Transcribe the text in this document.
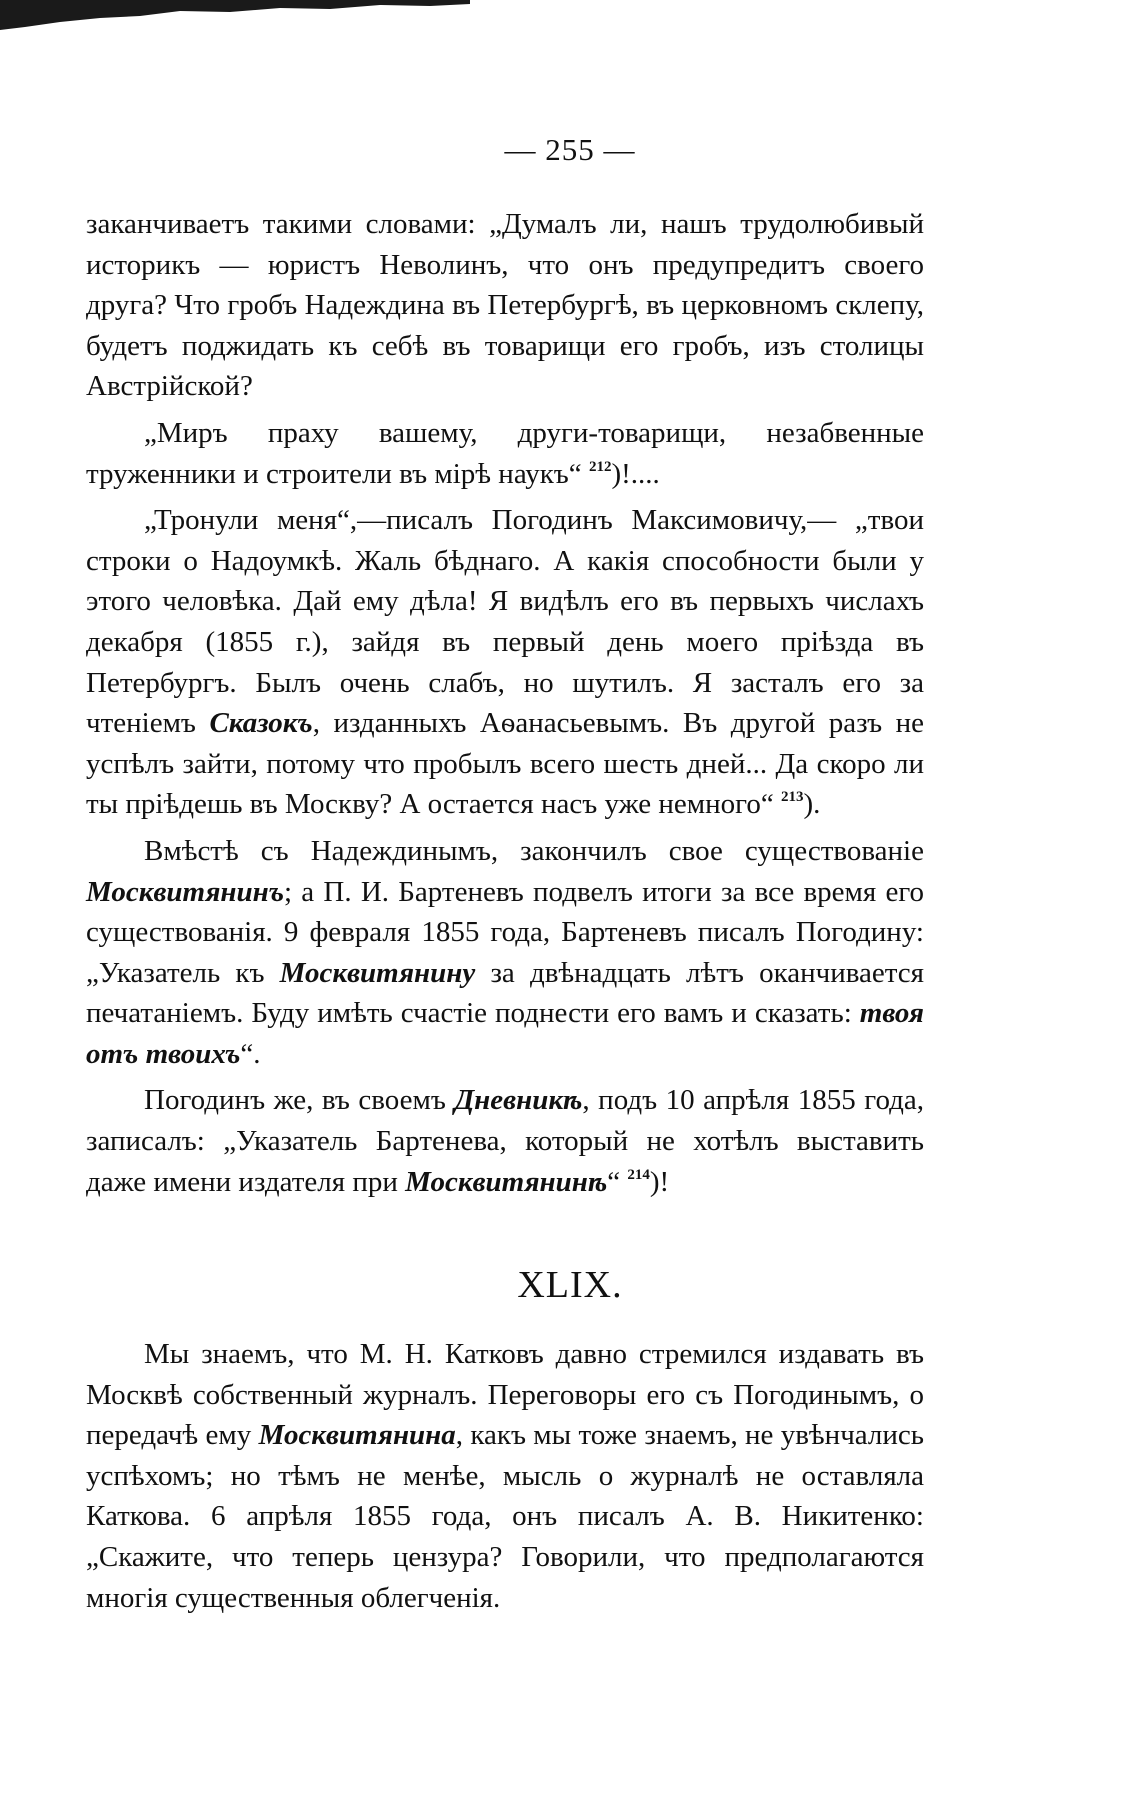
— 255 —

заканчиваетъ такими словами: „Думалъ ли, нашъ трудолюбивый историкъ — юристъ Неволинъ, что онъ предупредитъ своего друга? Что гробъ Надеждина въ Петербургѣ, въ церковномъ склепу, будетъ поджидать къ себѣ въ товарищи его гробъ, изъ столицы Австрійской?

„Миръ праху вашему, други-товарищи, незабвенные труженники и строители въ мірѣ наукъ“ $^{212}$)!....

„Тронули меня“,—писалъ Погодинъ Максимовичу,— „твои строки о Надоумкѣ. Жаль бѣднаго. А какія способности были у этого человѣка. Дай ему дѣла! Я видѣлъ его въ первыхъ числахъ декабря (1855 г.), зайдя въ первый день моего пріѣзда въ Петербургъ. Былъ очень слабъ, но шутилъ. Я засталъ его за чтеніемъ Сказокъ, изданныхъ Аѳанасьевымъ. Въ другой разъ не успѣлъ зайти, потому что пробылъ всего шесть дней... Да скоро ли ты пріѣдешь въ Москву? А остается насъ уже немного“ $^{213}$).

Вмѣстѣ съ Надеждинымъ, закончилъ свое существованіе Москвитянинъ; а П. И. Бартеневъ подвелъ итоги за все время его существованія. 9 февраля 1855 года, Бартеневъ писалъ Погодину: „Указатель къ Москвитянину за двѣнадцать лѣтъ оканчивается печатаніемъ. Буду имѣть счастіе поднести его вамъ и сказать: твоя отъ твоихъ“.

Погодинъ же, въ своемъ Дневникѣ, подъ 10 апрѣля 1855 года, записалъ: „Указатель Бартенева, который не хотѣлъ выставить даже имени издателя при Москвитянинѣ“ $^{214}$)!

XLIX.

Мы знаемъ, что М. Н. Катковъ давно стремился издавать въ Москвѣ собственный журналъ. Переговоры его съ Погодинымъ, о передачѣ ему Москвитянина, какъ мы тоже знаемъ, не увѣнчались успѣхомъ; но тѣмъ не менѣе, мысль о журналѣ не оставляла Каткова. 6 апрѣля 1855 года, онъ писалъ А. В. Никитенко: „Скажите, что теперь цензура? Говорили, что предполагаются многія существенныя облегченія.
